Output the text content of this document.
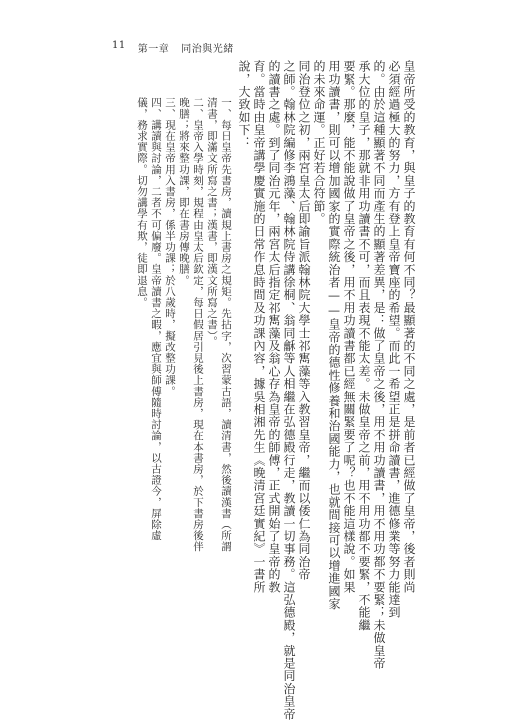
11 第一章 同治與光緒
皇帝所受的教育，與皇子的教育有何不同？最顯著的不同之處，是前者已經做了皇帝，後者則尚
必須經過極大的努力，方有登上皇帝寶座的希望。而此一希望正是拼命讀書，進德修業等努力能達到
的。由於這種顯著不同而產生的顯著差異，是：做了皇帝之後，用不用功讀書，用不用功都不要緊；未做皇帝
承大位的皇子，那就非用功讀書不可，而且表現不能太差。未做皇帝之前，用不用功都不要緊，不能繼
要緊。那麼，能不能說做了皇帝之後，用不用功讀書都已經無關緊要了呢？也不能這樣說。如果
用功讀書，則可以增加國家的實際統治者——皇帝的德性修養和治國能力，也就間接可以增進國家
的未來命運。正好若合符節。
同治登位之初，兩宮皇太后即諭旨派翰林院大學士祁寯藻等入教習皇帝，繼而以倭仁為同治帝
之師。翰林院編修李鴻藻、翰林院侍講徐桐、翁同龢等人相繼在弘德殿行走，教讀一切事務。這弘德殿，就是同治皇帝
的讀書之處。到了同治元年，兩宮太后指定祁寯藻及翁心存為皇帝的師傅，正式開始了皇帝的教
育。當時由皇帝講學慶實施的日常作息時間及功課內容，據吳相湘先生《晚清宮廷實紀》一書所
說，大致如下：
一、每日皇帝先書房，讀規上書房之規矩。先拈字，次習蒙古語，讀清書，然後讀漢書（所謂
清書，即滿文所寫之書；漢書，即漢文所寫之書）。
二、皇帝入學時刻，規程由皇太后欽定，每日假居引見後上書房，現在本書房，於下書房後伴
晚膳；將來整功課，即在書房傳晚膳。
三、現在皇帝用入書房，係半功課；於八歲時，擬改整功課。
四、講讀與討論，二者不可偏廢。皇帝讀書之暇，應宜與師傅隨時討論，以古證今，屏除虛
儀，務求實際。切勿講學有欺，徒即退息。
